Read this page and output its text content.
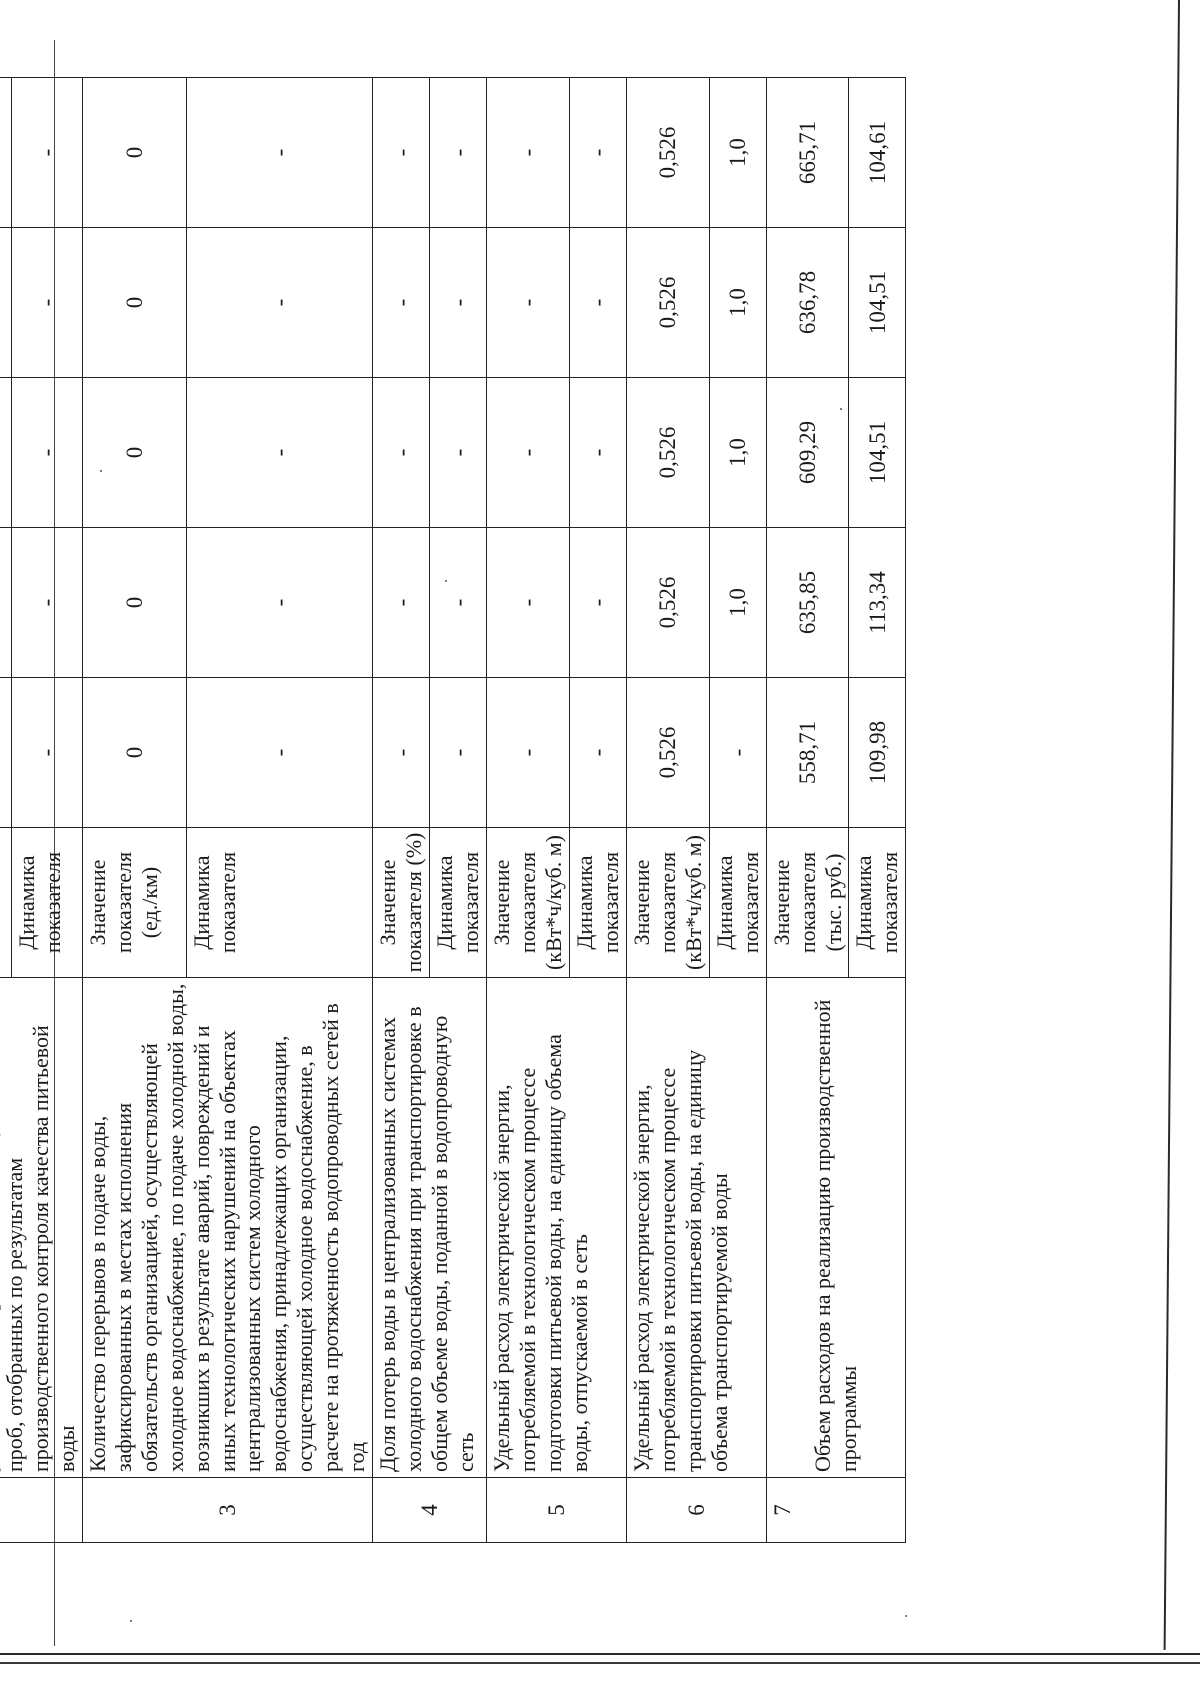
	проб, отобранных по результатам производственного контроля качества питьевой воды						
		Динамика показателя	-	-	-	-	-
3	Количество перерывов в подаче воды, зафиксированных в местах исполнения обязательств организацией, осуществляющей холодное водоснабжение, по подаче холодной воды, возникших в результате аварий, повреждений и иных технологических нарушений на объектах централизованных систем холодного водоснабжения, принадлежащих организации, осуществляющей холодное водоснабжение, в расчете на протяженность водопроводных сетей в год	Значение показателя (ед./км)	0	0	0	0	0
		Динамика показателя	-	-	-	-	-
4	Доля потерь воды в централизованных системах холодного водоснабжения при транспортировке в общем объеме воды, поданной в водопроводную сеть	Значение показателя (%)	-	-	-	-	-
		Динамика показателя	-	-	-	-	-
5	Удельный расход электрической энергии, потребляемой в технологическом процессе подготовки питьевой воды, на единицу объема воды, отпускаемой в сеть	Значение показателя (кВт*ч/куб. м)	-	-	-	-	-
		Динамика показателя	-	-	-	-	-
6	Удельный расход электрической энергии, потребляемой в технологическом процессе транспортировки питьевой воды, на единицу объема транспортируемой воды	Значение показателя (кВт*ч/куб. м)	0,526	0,526	0,526	0,526	0,526
		Динамика показателя	-	1,0	1,0	1,0	1,0
7	Объем расходов на реализацию производственной программы	Значение показателя (тыс. руб.)	558,71	635,85	609,29	636,78	665,71
		Динамика показателя	109,98	113,34	104,51	104,51	104,61
